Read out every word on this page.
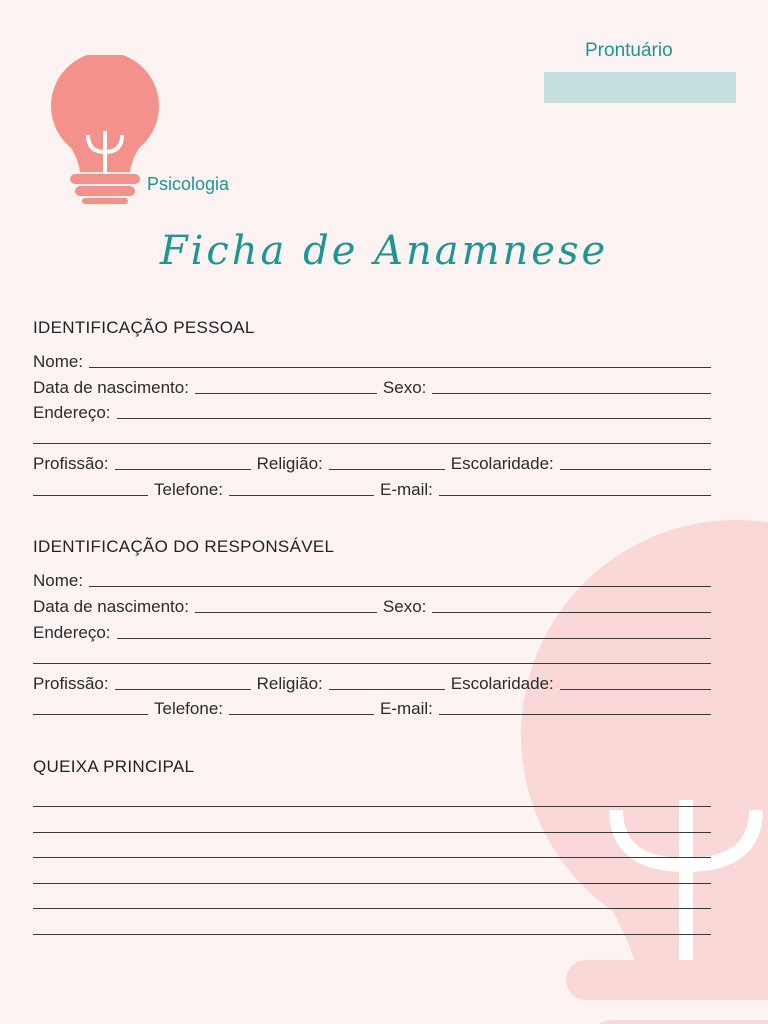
Psicologia
Prontuário
Ficha de Anamnese
IDENTIFICAÇÃO PESSOAL
Nome:
Data de nascimento:	Sexo:
Endereço:
Profissão:	Religião:	Escolaridade:
Telefone:	E-mail:
IDENTIFICAÇÃO DO RESPONSÁVEL
Nome:
Data de nascimento:	Sexo:
Endereço:
Profissão:	Religião:	Escolaridade:
Telefone:	E-mail:
QUEIXA PRINCIPAL
